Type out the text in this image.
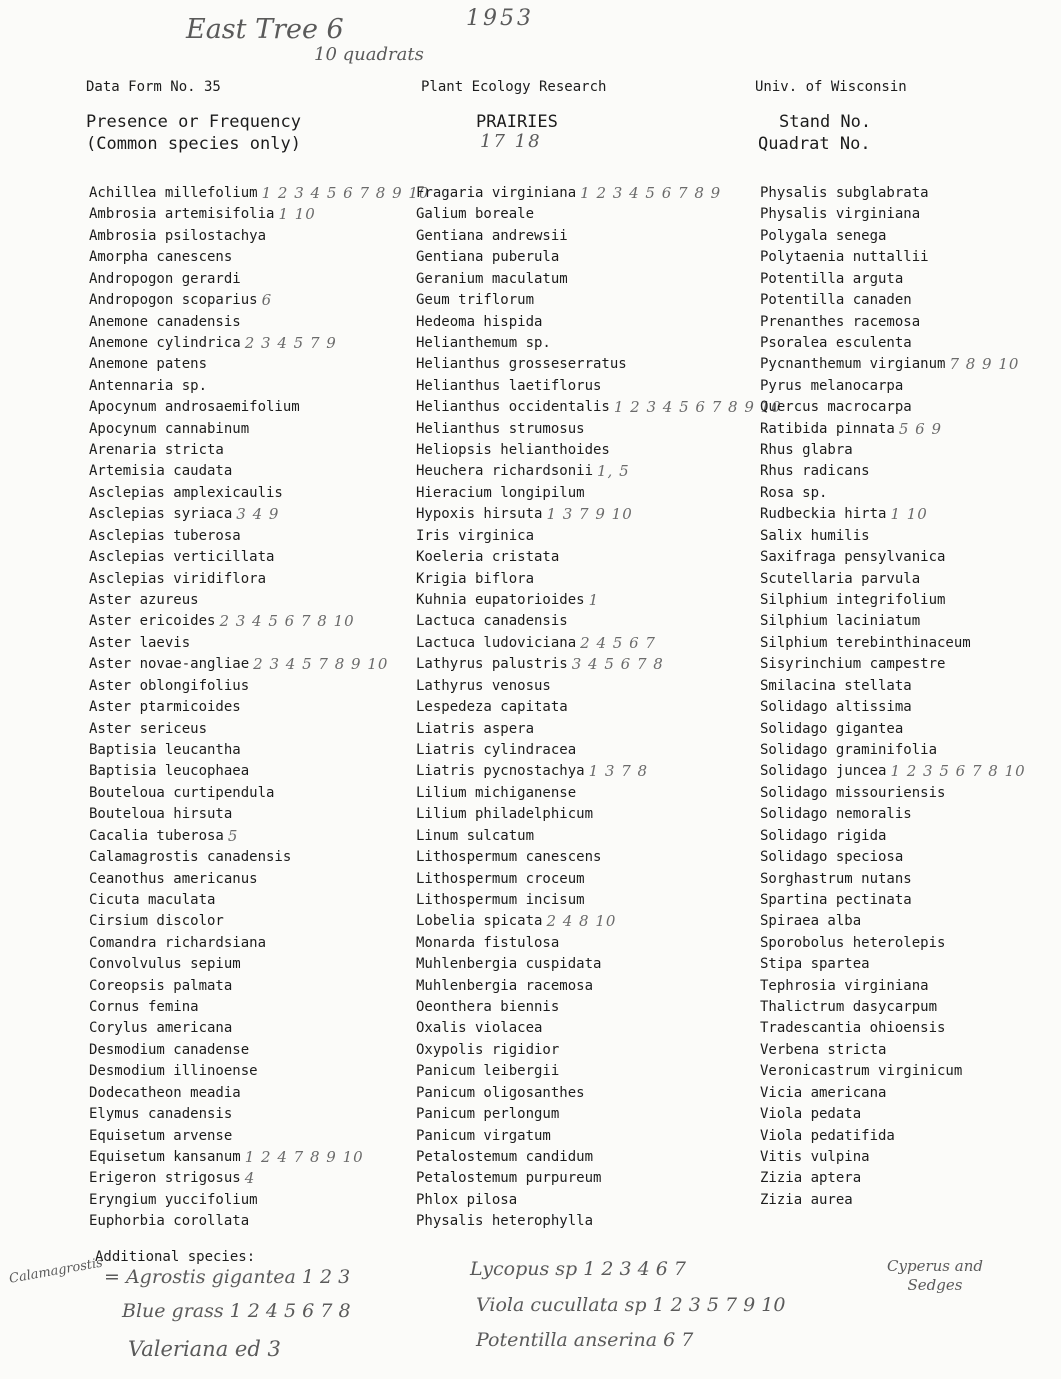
East Tree 6	1953
10 quadrats
Data Form No. 35	Plant Ecology Research	Univ. of Wisconsin
Presence or Frequency
(Common species only)
PRAIRIES
17 18
Stand No.
Quadrat No.
Achillea millefolium 1 2 3 4 5 6 7 8 9 10
Ambrosia artemisifolia 1 10
Ambrosia psilostachya
Amorpha canescens
Andropogon gerardi
Andropogon scoparius 6
Anemone canadensis
Anemone cylindrica 2 3 4 5 7 9
Anemone patens
Antennaria sp.
Apocynum androsaemifolium
Apocynum cannabinum
Arenaria stricta
Artemisia caudata
Asclepias amplexicaulis
Asclepias syriaca 3 4 9
Asclepias tuberosa
Asclepias verticillata
Asclepias viridiflora
Aster azureus
Aster ericoides 2 3 4 5 6 7 8 10
Aster laevis
Aster novae-angliae 2 3 4 5 7 8 9 10
Aster oblongifolius
Aster ptarmicoides
Aster sericeus
Baptisia leucantha
Baptisia leucophaea
Bouteloua curtipendula
Bouteloua hirsuta
Cacalia tuberosa 5
Calamagrostis canadensis
Ceanothus americanus
Cicuta maculata
Cirsium discolor
Comandra richardsiana
Convolvulus sepium
Coreopsis palmata
Cornus femina
Corylus americana
Desmodium canadense
Desmodium illinoense
Dodecatheon meadia
Elymus canadensis
Equisetum arvense
Equisetum kansanum 1 2 4 7 8 9 10
Erigeron strigosus 4
Eryngium yuccifolium
Euphorbia corollata
Fragaria virginiana 1 2 3 4 5 6 7 8 9
Galium boreale
Gentiana andrewsii
Gentiana puberula
Geranium maculatum
Geum triflorum
Hedeoma hispida
Helianthemum sp.
Helianthus grosseserratus
Helianthus laetiflorus
Helianthus occidentalis 1 2 3 4 5 6 7 8 9 10
Helianthus strumosus
Heliopsis helianthoides
Heuchera richardsonii 1, 5
Hieracium longipilum
Hypoxis hirsuta 1 3 7 9 10
Iris virginica
Koeleria cristata
Krigia biflora
Kuhnia eupatorioides 1
Lactuca canadensis
Lactuca ludoviciana 2 4 5 6 7
Lathyrus palustris 3 4 5 6 7 8
Lathyrus venosus
Lespedeza capitata
Liatris aspera
Liatris cylindracea
Liatris pycnostachya 1 3 7 8
Lilium michiganense
Lilium philadelphicum
Linum sulcatum
Lithospermum canescens
Lithospermum croceum
Lithospermum incisum
Lobelia spicata 2 4 8 10
Monarda fistulosa
Muhlenbergia cuspidata
Muhlenbergia racemosa
Oeonthera biennis
Oxalis violacea
Oxypolis rigidior
Panicum leibergii
Panicum oligosanthes
Panicum perlongum
Panicum virgatum
Petalostemum candidum
Petalostemum purpureum
Phlox pilosa
Physalis heterophylla
Physalis subglabrata
Physalis virginiana
Polygala senega
Polytaenia nuttallii
Potentilla arguta
Potentilla canaden
Prenanthes racemosa
Psoralea esculenta
Pycnanthemum virgianum 7 8 9 10
Pyrus melanocarpa
Quercus macrocarpa
Ratibida pinnata 5 6 9
Rhus glabra
Rhus radicans
Rosa sp.
Rudbeckia hirta 1 10
Salix humilis
Saxifraga pensylvanica
Scutellaria parvula
Silphium integrifolium
Silphium laciniatum
Silphium terebinthinaceum
Sisyrinchium campestre
Smilacina stellata
Solidago altissima
Solidago gigantea
Solidago graminifolia
Solidago juncea 1 2 3 5 6 7 8 10
Solidago missouriensis
Solidago nemoralis
Solidago rigida
Solidago speciosa
Sorghastrum nutans
Spartina pectinata
Spiraea alba
Sporobolus heterolepis
Stipa spartea
Tephrosia virginiana
Thalictrum dasycarpum
Tradescantia ohioensis
Verbena stricta
Veronicastrum virginicum
Vicia americana
Viola pedata
Viola pedatifida
Vitis vulpina
Zizia aptera
Zizia aurea
Additional species:
Calamagrostis = Agrostis gigantea 1 2 3
Blue grass 1 2 4 5 6 7 8
Valeriana ed 3
Lycopus sp 1 2 3 4 6 7
Viola cucullata sp 1 2 3 5 7 9 10
Potentilla anserina 6 7
Cyperus and Sedges
